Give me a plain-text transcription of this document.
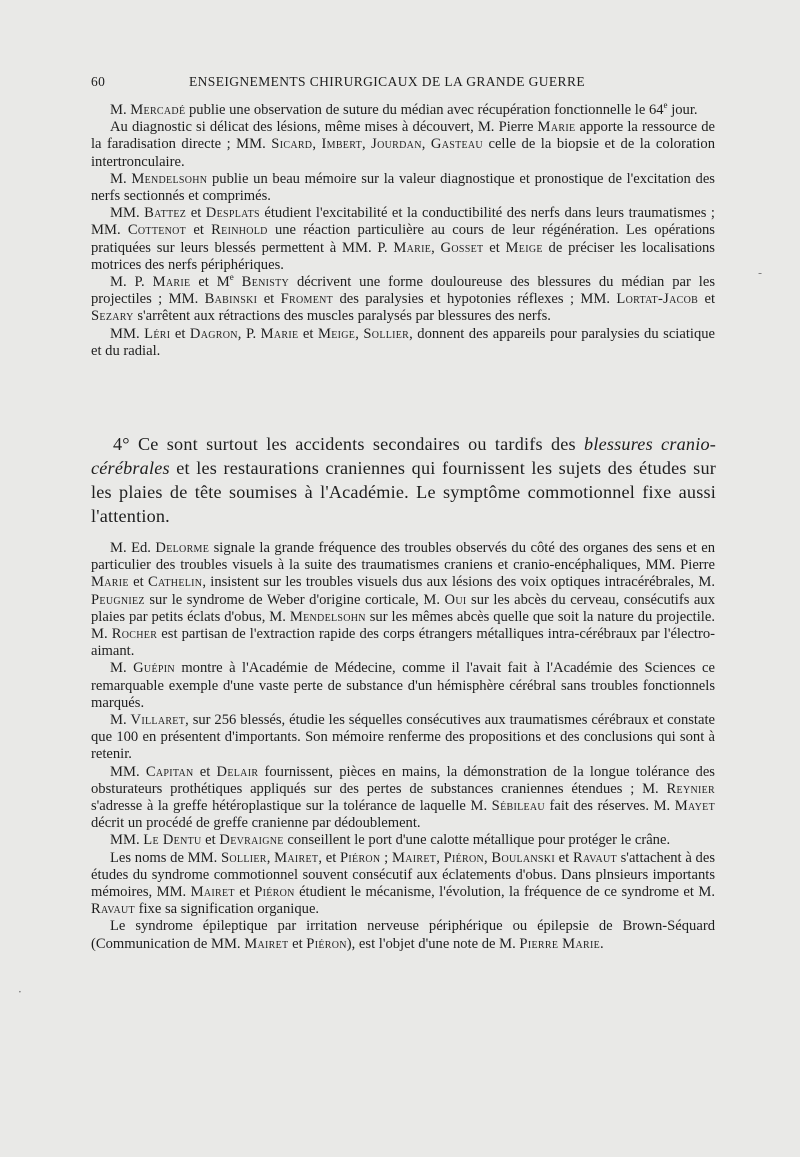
60	ENSEIGNEMENTS CHIRURGICAUX DE LA GRANDE GUERRE

M. Mercadé publie une observation de suture du médian avec récupération fonctionnelle le 64e jour.

Au diagnostic si délicat des lésions, même mises à découvert, M. Pierre Marie apporte la ressource de la faradisation directe ; MM. Sicard, Imbert, Jourdan, Gasteau celle de la biopsie et de la coloration intertronculaire.

M. Mendelsohn publie un beau mémoire sur la valeur diagnostique et pronostique de l'excitation des nerfs sectionnés et comprimés.

MM. Battez et Desplats étudient l'excitabilité et la conductibilité des nerfs dans leurs traumatismes ; MM. Cottenot et Reinhold une réaction particulière au cours de leur régénération. Les opérations pratiquées sur leurs blessés permettent à MM. P. Marie, Gosset et Meige de préciser les localisations motrices des nerfs périphériques.

M. P. Marie et Me Benisty décrivent une forme douloureuse des blessures du médian par les projectiles ; MM. Babinski et Froment des paralysies et hypotonies réflexes ; MM. Lortat-Jacob et Sezary s'arrêtent aux rétractions des muscles paralysés par blessures des nerfs.

MM. Léri et Dagron, P. Marie et Meige, Sollier, donnent des appareils pour paralysies du sciatique et du radial.

4° Ce sont surtout les accidents secondaires ou tardifs des blessures cranio-cérébrales et les restaurations craniennes qui fournissent les sujets des études sur les plaies de tête soumises à l'Académie. Le symptôme commotionnel fixe aussi l'attention.

M. Ed. Delorme signale la grande fréquence des troubles observés du côté des organes des sens et en particulier des troubles visuels à la suite des traumatismes craniens et cranio-encéphaliques, MM. Pierre Marie et Cathelin, insistent sur les troubles visuels dus aux lésions des voix optiques intracérébrales, M. Peugniez sur le syndrome de Weber d'origine corticale, M. Oui sur les abcès du cerveau, consécutifs aux plaies par petits éclats d'obus, M. Mendelsohn sur les mêmes abcès quelle que soit la nature du projectile. M. Rocher est partisan de l'extraction rapide des corps étrangers métalliques intra-cérébraux par l'électro-aimant.

M. Guépin montre à l'Académie de Médecine, comme il l'avait fait à l'Académie des Sciences ce remarquable exemple d'une vaste perte de substance d'un hémisphère cérébral sans troubles fonctionnels marqués.

M. Villaret, sur 256 blessés, étudie les séquelles consécutives aux traumatismes cérébraux et constate que 100 en présentent d'importants. Son mémoire renferme des propositions et des conclusions qui sont à retenir.

MM. Capitan et Delair fournissent, pièces en mains, la démonstration de la longue tolérance des obsturateurs prothétiques appliqués sur des pertes de substances craniennes étendues ; M. Reynier s'adresse à la greffe hétéroplastique sur la tolérance de laquelle M. Sébileau fait des réserves. M. Mayet décrit un procédé de greffe cranienne par dédoublement.

MM. Le Dentu et Devraigne conseillent le port d'une calotte métallique pour protéger le crâne.

Les noms de MM. Sollier, Mairet, et Piéron ; Mairet, Piéron, Boulanski et Ravaut s'attachent à des études du syndrome commotionnel souvent consécutif aux éclatements d'obus. Dans plnsieurs importants mémoires, MM. Mairet et Piéron étudient le mécanisme, l'évolution, la fréquence de ce syndrome et M. Ravaut fixe sa signification organique.

Le syndrome épileptique par irritation nerveuse périphérique ou épilepsie de Brown-Séquard (Communication de MM. Mairet et Piéron), est l'objet d'une note de M. Pierre Marie.

-
·
